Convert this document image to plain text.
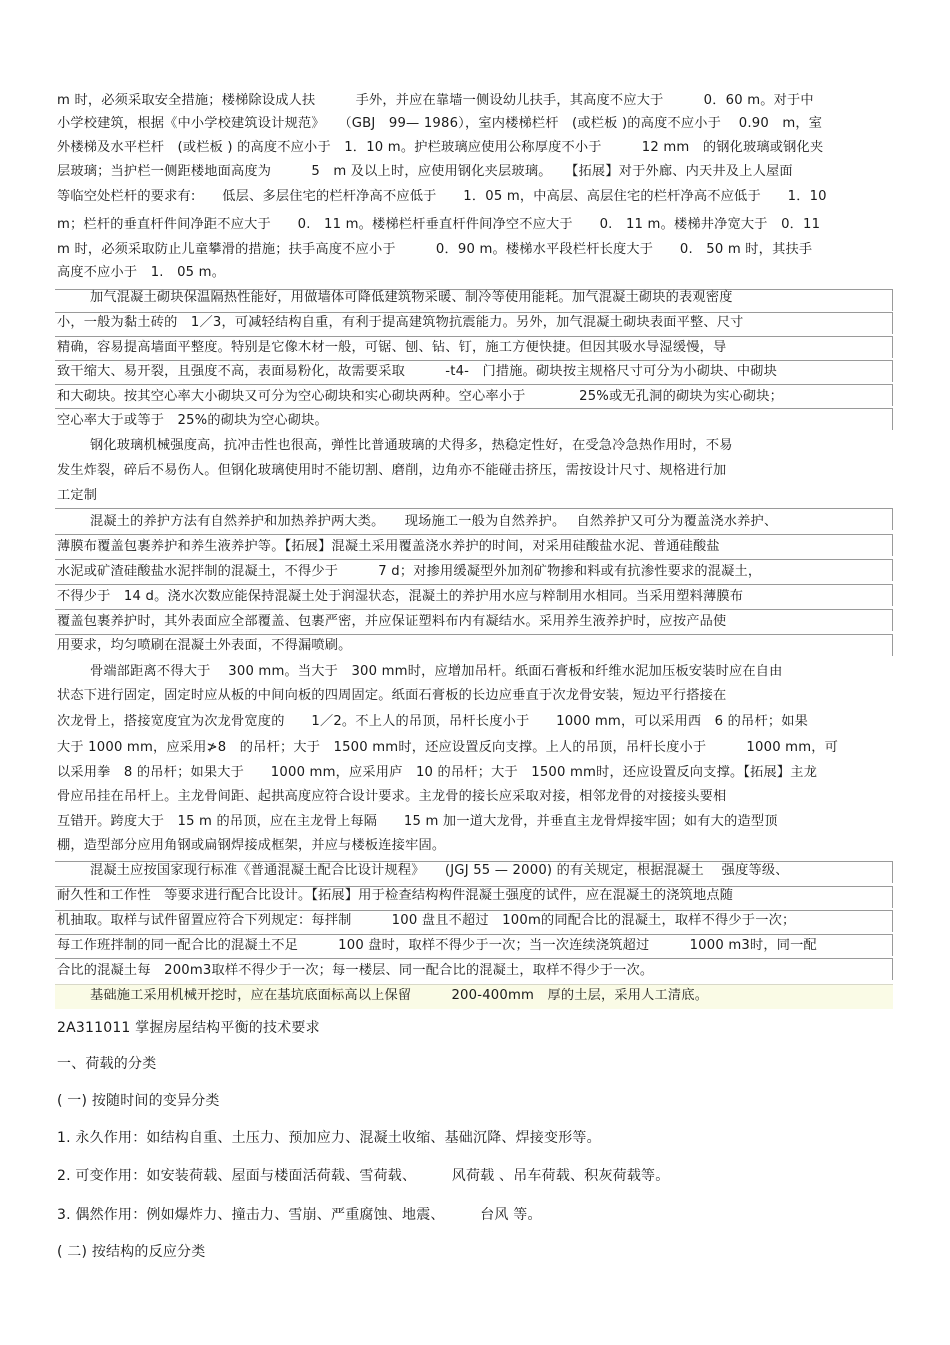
m 时，必须采取安全措施；楼梯除设成人扶　　　手外，并应在靠墙一侧设幼儿扶手，其高度不应大于　　　0．60 m。对于中
小学校建筑，根据《中小学校建筑设计规范》　　（GBJ　99— 1986），室内楼梯栏杆　(或栏板 )的高度不应小于　 0.90　m，室
外楼梯及水平栏杆　(或栏板 ) 的高度不应小于　1．10 m。护栏玻璃应使用公称厚度不小于　　　12 mm　的钢化玻璃或钢化夹
层玻璃；当护栏一侧距楼地面高度为　　　5　m 及以上时，应使用钢化夹层玻璃。　　【拓展】对于外廊、内天井及上人屋面
等临空处栏杆的要求有:　　低层、多层住宅的栏杆净高不应低于　　1．05 m，中高层、高层住宅的栏杆净高不应低于　　1．10
m；栏杆的垂直杆件间净距不应大于　　0.　11 m。楼梯栏杆垂直杆件间净空不应大于　　0.　11 m。楼梯井净宽大于　0．11
m 时，必须采取防止儿童攀滑的措施；扶手高度不应小于　　　0．90 m。楼梯水平段栏杆长度大于　　0.　50 m 时，其扶手
高度不应小于　1.　05 m。
加气混凝土砌块保温隔热性能好，用做墙体可降低建筑物采暖、制冷等使用能耗。加气混凝土砌块的表观密度
小，一般为黏土砖的　1／3，可减轻结构自重，有利于提高建筑物抗震能力。另外，加气混凝土砌块表面平整、尺寸
精确，容易提高墙面平整度。特别是它像木材一般，可锯、刨、钻、钉，施工方便快捷。但因其吸水导湿缓慢，导
致干缩大、易开裂，且强度不高，表面易粉化，故需要采取　　　-t4-　门措施。砌块按主规格尺寸可分为小砌块、中砌块
和大砌块。按其空心率大小砌块又可分为空心砌块和实心砌块两种。空心率小于　　　　25%或无孔洞的砌块为实心砌块；
空心率大于或等于　25%的砌块为空心砌块。
钢化玻璃机械强度高，抗冲击性也很高，弹性比普通玻璃的犬得多，热稳定性好，在受急冷急热作用时，不易
发生炸裂，碎后不易伤人。但钢化玻璃使用时不能切割、磨削，边角亦不能碰击挤压，需按设计尺寸、规格进行加
工定制
混凝土的养护方法有自然养护和加热养护两大类。　　现场施工一般为自然养护。　 自然养护又可分为覆盖浇水养护、
薄膜布覆盖包裹养护和养生液养护等。【拓展】混凝土采用覆盖浇水养护的时间，对采用硅酸盐水泥、普通硅酸盐
水泥或矿渣硅酸盐水泥拌制的混凝土，不得少于　　　7 d；对掺用缓凝型外加剂矿物掺和料或有抗渗性要求的混凝土，
不得少于　14 d。浇水次数应能保持混凝土处于润湿状态，混凝土的养护用水应与粹制用水相同。当采用塑料薄膜布
覆盖包裹养护时，其外表面应全部覆盖、包裹严密，并应保证塑料布内有凝结水。采用养生液养护时，应按产品使
用要求，均匀喷刷在混凝土外表面，不得漏喷刷。
骨端部距离不得大于　 300 mm。当大于　300 mm时，应增加吊杆。纸面石膏板和纤维水泥加压板安装时应在自由
状态下进行固定，固定时应从板的中间向板的四周固定。纸面石膏板的长边应垂直于次龙骨安装，短边平行搭接在
次龙骨上，搭接宽度宜为次龙骨宽度的　　1／2。不上人的吊顶，吊杆长度小于　　1000 mm，可以采用西　6 的吊杆；如果
大于 1000 mm，应采用≯8　的吊杆；大于　1500 mm时，还应设置反向支撑。上人的吊顶，吊杆长度小于　　　1000 mm，可
以采用拳　8 的吊杆；如果大于　　1000 mm，应采用庐　10 的吊杆；大于　1500 mm时，还应设置反向支撑。【拓展】主龙
骨应吊挂在吊杆上。主龙骨间距、起拱高度应符合设计要求。主龙骨的接长应采取对接，相邻龙骨的对接接头要相
互错开。跨度大于　15 m 的吊顶，应在主龙骨上每隔　　15 m 加一道大龙骨，并垂直主龙骨焊接牢固；如有大的造型顶
棚，造型部分应用角钢或扁钢焊接成框架，并应与楼板连接牢固。
混凝土应按国家现行标准《普通混凝土配合比设计规程》　　(JGJ 55 — 2000) 的有关规定，根据混凝土　 强度等级、
耐久性和工作性　等要求进行配合比设计。【拓展】用于检查结构构件混凝土强度的试件，应在混凝土的浇筑地点随
机抽取。取样与试件留置应符合下列规定：每拌制　　　100 盘且不超过　100m的同配合比的混凝土，取样不得少于一次；
每工作班拌制的同一配合比的混凝土不足　　　100 盘时，取样不得少于一次；当一次连续浇筑超过　　　1000 m3时，同一配
合比的混凝土每　200m3取样不得少于一次；每一楼层、同一配合比的混凝土，取样不得少于一次。
基础施工采用机械开挖时，应在基坑底面标高以上保留　　　200-400mm　厚的土层，采用人工清底。
2A311011 掌握房屋结构平衡的技术要求
一、荷载的分类
( 一) 按随时间的变异分类
1. 永久作用：如结构自重、土压力、预加应力、混凝土收缩、基础沉降、焊接变形等。
2. 可变作用：如安装荷载、屋面与楼面活荷载、雪荷载、　　　风荷载 、吊车荷载、积灰荷载等。
3. 偶然作用：例如爆炸力、撞击力、雪崩、严重腐蚀、地震、　　　台风 等。
( 二) 按结构的反应分类
